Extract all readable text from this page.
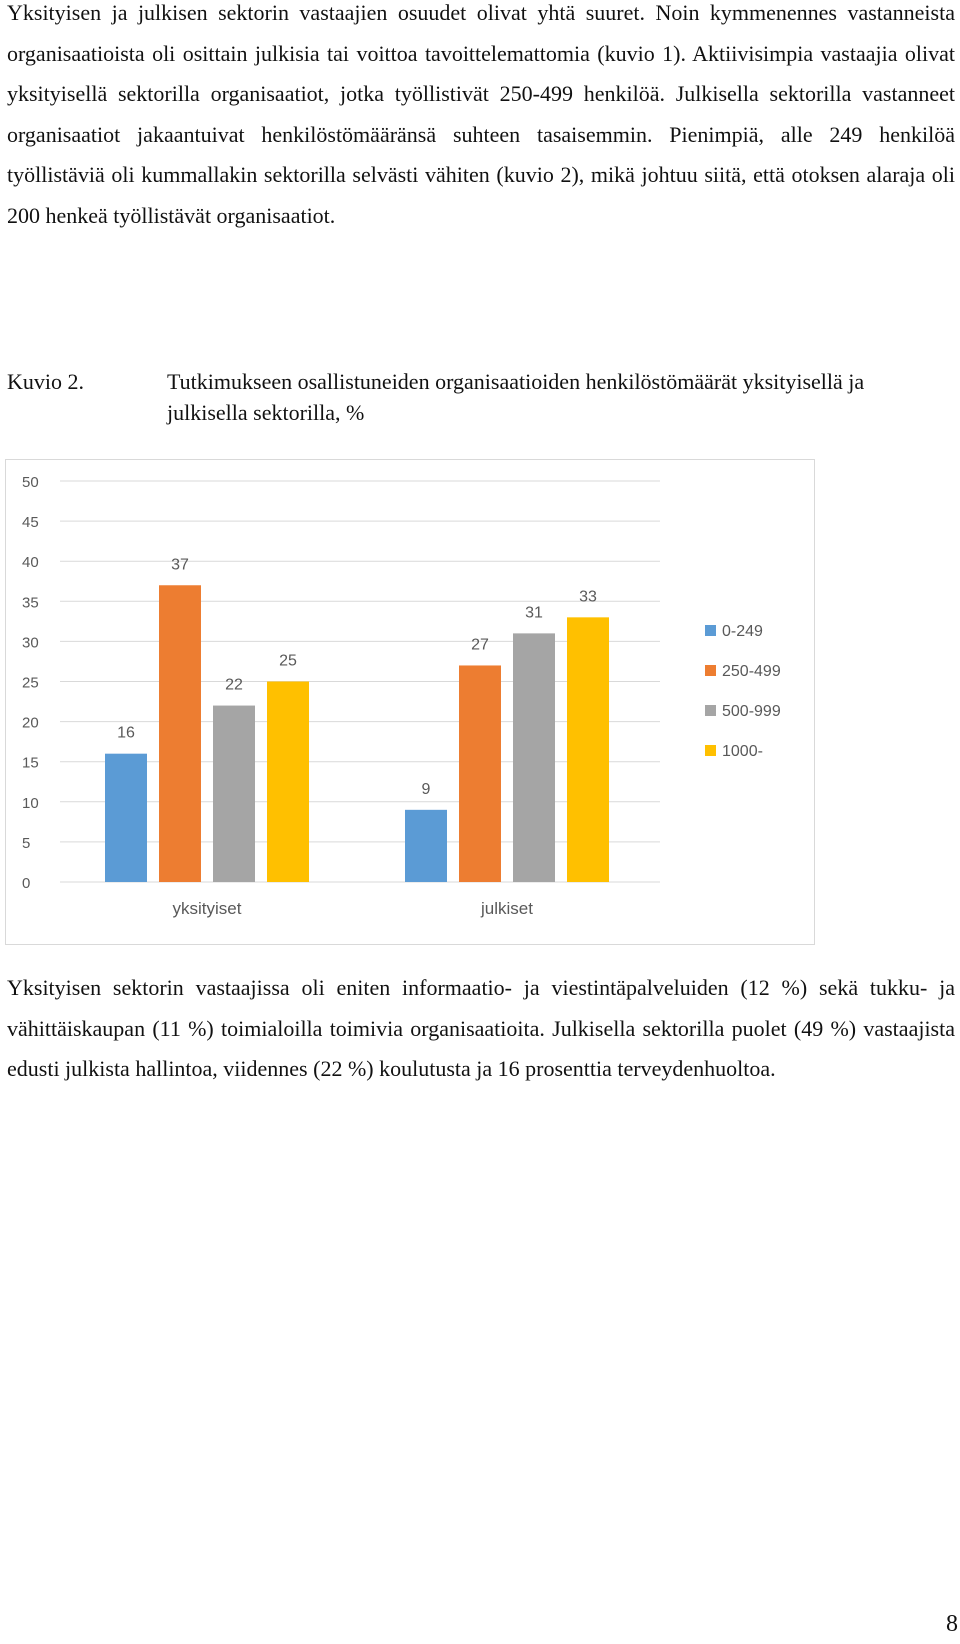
Yksityisen ja julkisen sektorin vastaajien osuudet olivat yhtä suuret. Noin kymmenennes vastanneista organisaatioista oli osittain julkisia tai voittoa tavoittelemattomia (kuvio 1). Aktiivisimpia vastaajia olivat yksityisellä sektorilla organisaatiot, jotka työllistivät 250-499 henkilöä. Julkisella sektorilla vastanneet organisaatiot jakaantuivat henkilöstömääränsä suhteen tasaisemmin. Pienimpiä, alle 249 henkilöä työllistäviä oli kummallakin sektorilla selvästi vähiten (kuvio 2), mikä johtuu siitä, että otoksen alaraja oli 200 henkeä työllistävät organisaatiot.

Kuvio 2.	Tutkimukseen osallistuneiden organisaatioiden henkilöstömäärät yksityisellä ja julkisella sektorilla, %
0
5
10
15
20
25
30
35
40
45
50
16
37
22
25
yksityiset
9
27
31
33
julkiset
0-249
250-499
500-999
1000-

Yksityisen sektorin vastaajissa oli eniten informaatio- ja viestintäpalveluiden (12 %) sekä tukku- ja vähittäiskaupan (11 %) toimialoilla toimivia organisaatioita. Julkisella sektorilla puolet (49 %) vastaajista edusti julkista hallintoa, viidennes (22 %) koulutusta ja 16 prosenttia terveydenhuoltoa.

8
